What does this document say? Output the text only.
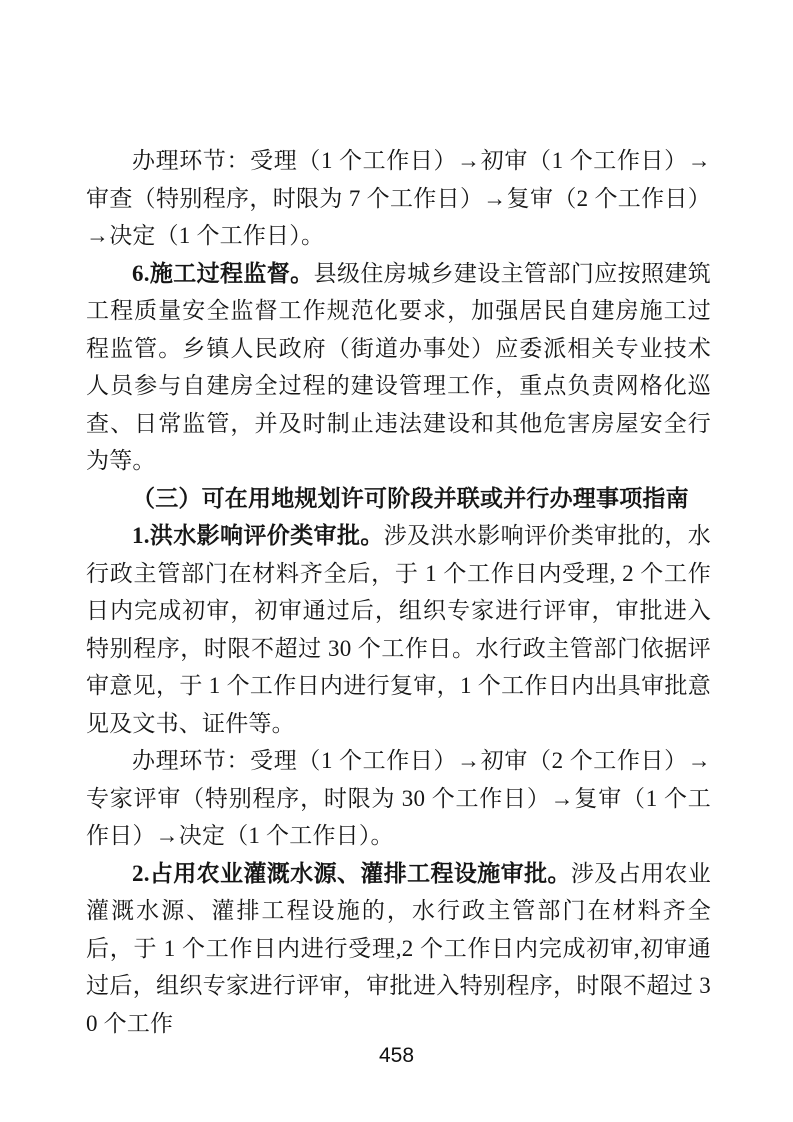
办理环节：受理（1 个工作日）→初审（1 个工作日）→审查（特别程序，时限为 7 个工作日）→复审（2 个工作日）→决定（1 个工作日）。

6.施工过程监督。县级住房城乡建设主管部门应按照建筑工程质量安全监督工作规范化要求，加强居民自建房施工过程监管。乡镇人民政府（街道办事处）应委派相关专业技术人员参与自建房全过程的建设管理工作，重点负责网格化巡查、日常监管，并及时制止违法建设和其他危害房屋安全行为等。

（三）可在用地规划许可阶段并联或并行办理事项指南

1.洪水影响评价类审批。涉及洪水影响评价类审批的，水行政主管部门在材料齐全后，于 1 个工作日内受理, 2 个工作日内完成初审，初审通过后，组织专家进行评审，审批进入特别程序，时限不超过 30 个工作日。水行政主管部门依据评审意见，于 1 个工作日内进行复审，1 个工作日内出具审批意见及文书、证件等。

办理环节：受理（1 个工作日）→初审（2 个工作日）→专家评审（特别程序，时限为 30 个工作日）→复审（1 个工作日）→决定（1 个工作日）。

2.占用农业灌溉水源、灌排工程设施审批。涉及占用农业灌溉水源、灌排工程设施的，水行政主管部门在材料齐全后，于 1 个工作日内进行受理,2 个工作日内完成初审,初审通过后，组织专家进行评审，审批进入特别程序，时限不超过 30 个工作

458
